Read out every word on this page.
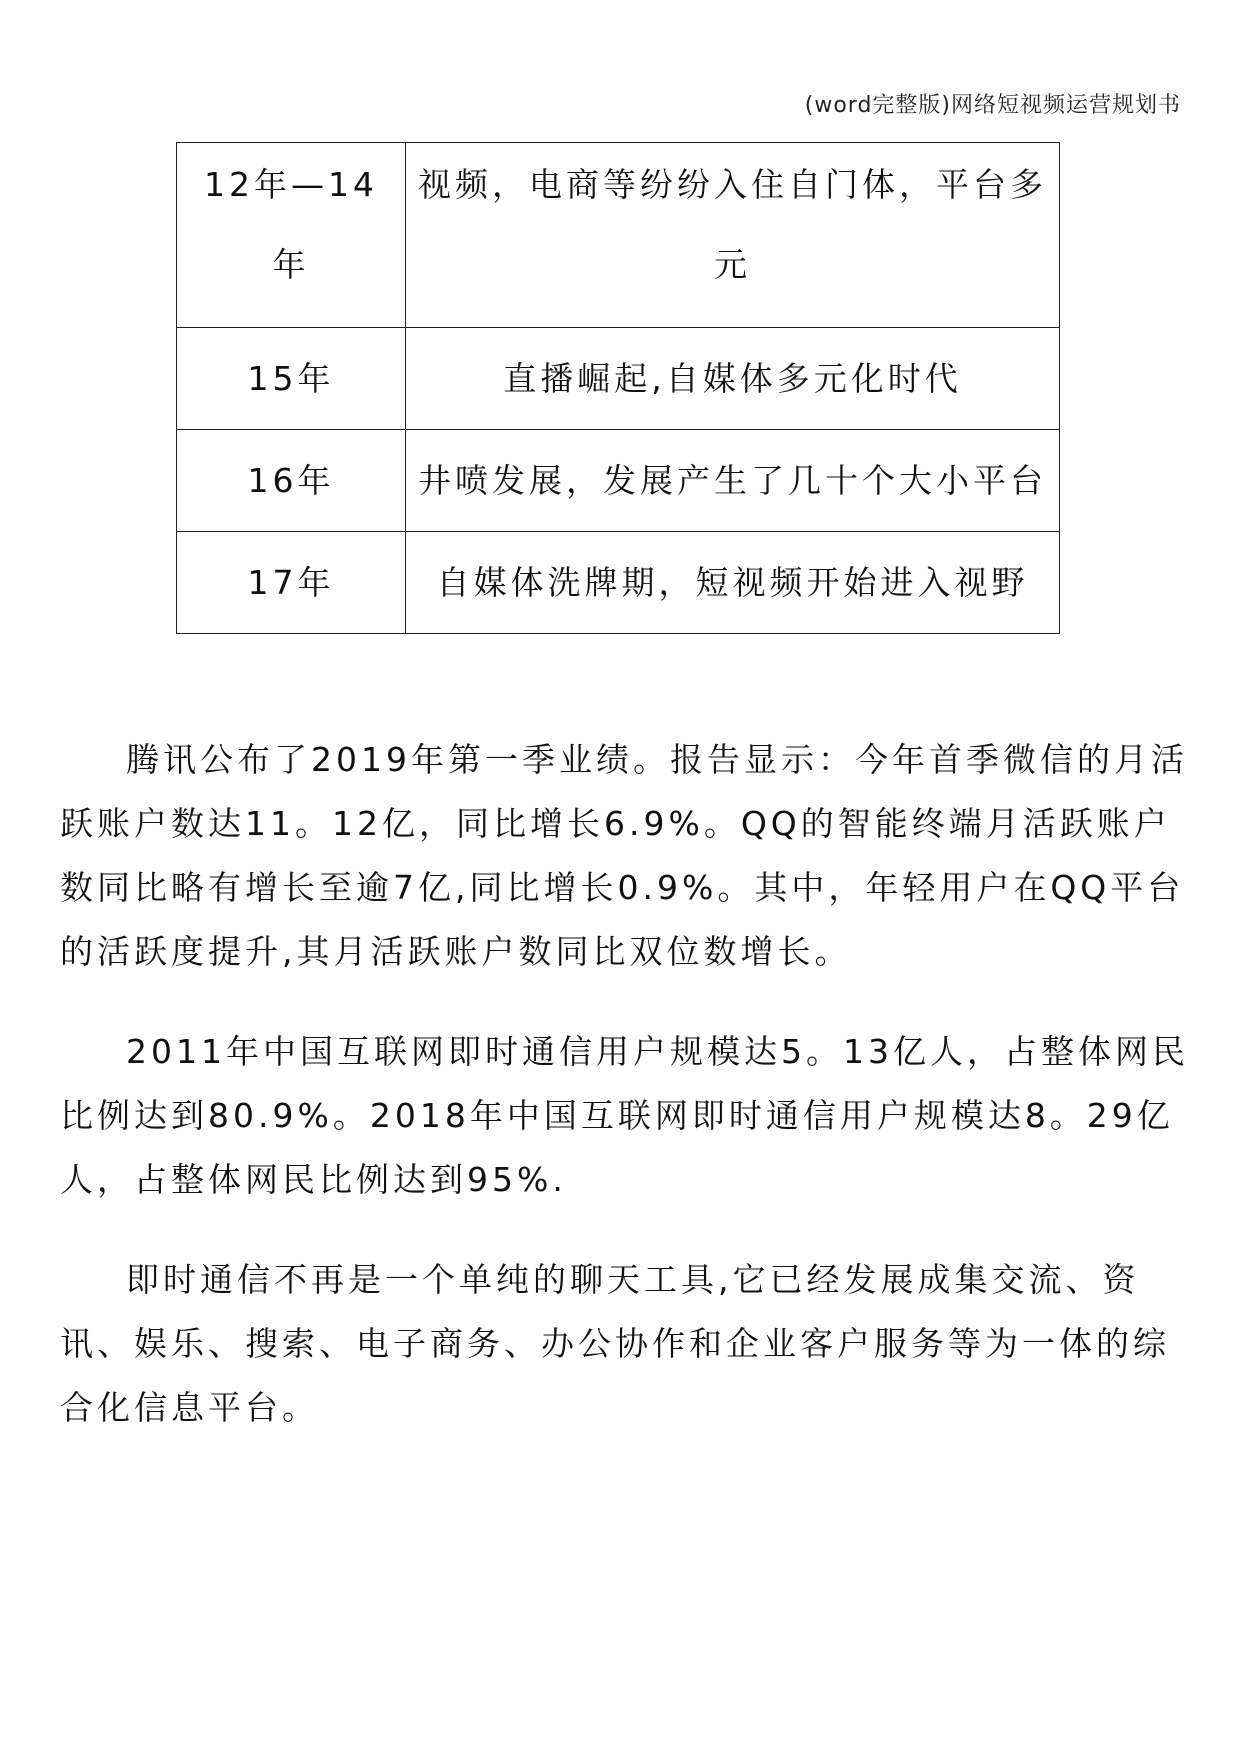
(word完整版)网络短视频运营规划书
12年—14年	视频，电商等纷纷入住自门体，平台多元
15年	直播崛起,自媒体多元化时代
16年	井喷发展，发展产生了几十个大小平台
17年	自媒体洗牌期，短视频开始进入视野

腾讯公布了2019年第一季业绩。报告显示：今年首季微信的月活跃账户数达11。12亿，同比增长6.9%。QQ的智能终端月活跃账户数同比略有增长至逾7亿,同比增长0.9%。其中，年轻用户在QQ平台的活跃度提升,其月活跃账户数同比双位数增长。

2011年中国互联网即时通信用户规模达5。13亿人，占整体网民比例达到80.9%。2018年中国互联网即时通信用户规模达8。29亿人，占整体网民比例达到95%.

即时通信不再是一个单纯的聊天工具,它已经发展成集交流、资讯、娱乐、搜索、电子商务、办公协作和企业客户服务等为一体的综合化信息平台。
